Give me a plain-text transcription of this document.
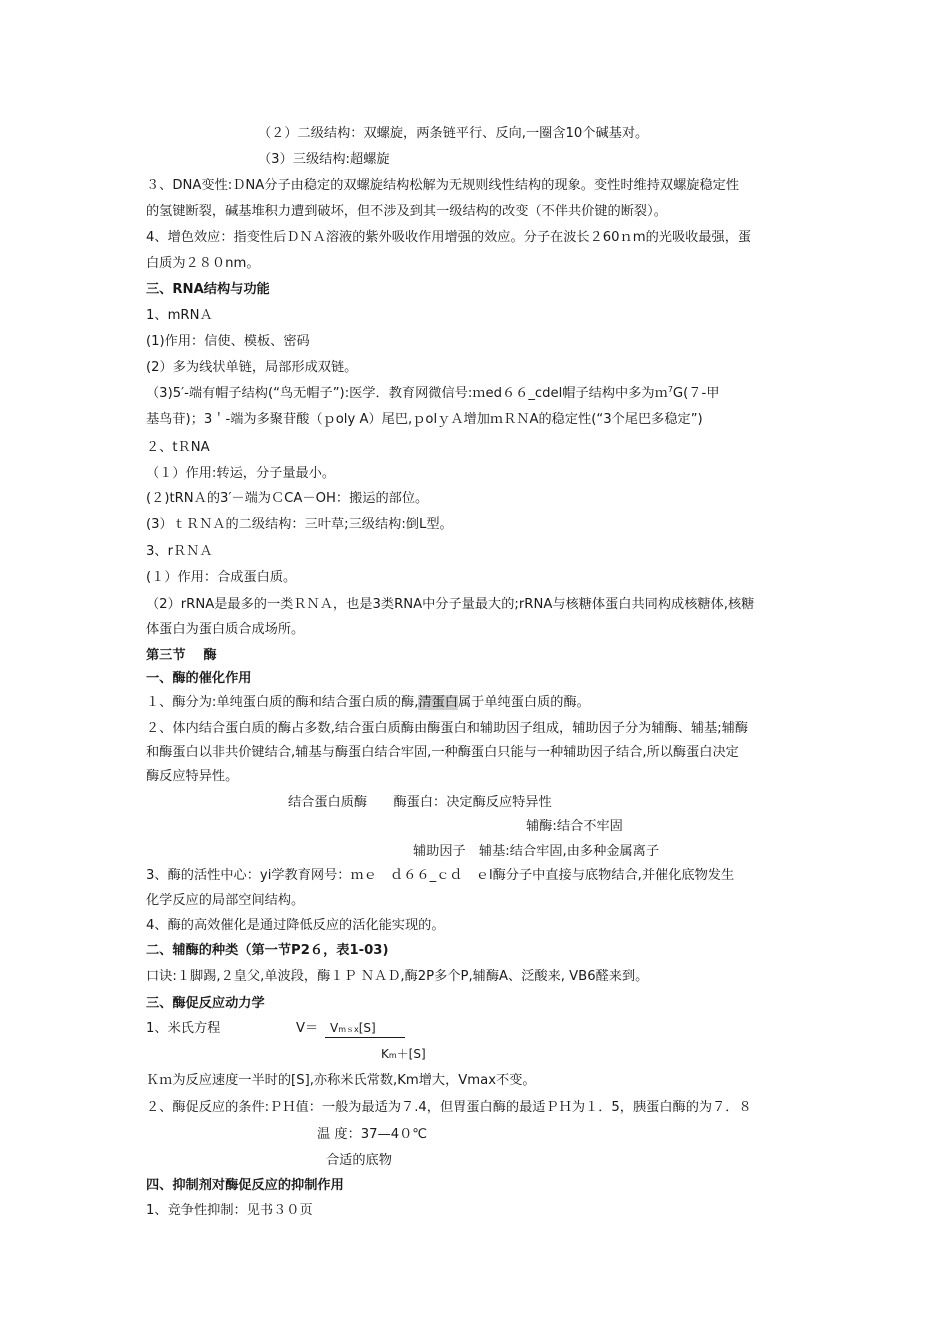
（２）二级结构：双螺旋，两条链平行、反向,一圈含10个碱基对。
（3）三级结构:超螺旋
３、DNA变性:ＤNA分子由稳定的双螺旋结构松解为无规则线性结构的现象。变性时维持双螺旋稳定性
的氢键断裂，碱基堆积力遭到破坏，但不涉及到其一级结构的改变（不伴共价键的断裂）。
4、增色效应：指变性后ＤＮＡ溶液的紫外吸收作用增强的效应。分子在波长２60ｎm的光吸收最强，蛋
白质为２８０nm。
三、RNA结构与功能
1、mRNＡ
(1)作用：信使、模板、密码
(2）多为线状单链，局部形成双链。
（3)5′-端有帽子结构(“鸟无帽子”):医学．教育网微信号:ｍed６６_cdel帽子结构中多为ｍ$^7$G(７-甲
基鸟苷)；3＇-端为多聚苷酸（ｐoly A）尾巴,ｐolｙＡ增加ｍＲＮA的稳定性(“3个尾巴多稳定”)
２、tＲNA
（１）作用:转运，分子量最小。
(２)tRNＡ的3′－端为ＣCA－OH：搬运的部位。
(3）ｔＲＮＡ的二级结构：三叶草;三级结构:倒L型。
3、rＲＮＡ
(１）作用：合成蛋白质。
（2）rRNA是最多的一类ＲＮＡ，也是3类RNA中分子量最大的;rRNA与核糖体蛋白共同构成核糖体,核糖
体蛋白为蛋白质合成场所。
第三节　 酶
一、酶的催化作用
１、酶分为:单纯蛋白质的酶和结合蛋白质的酶,清蛋白属于单纯蛋白质的酶。
２、体内结合蛋白质的酶占多数,结合蛋白质酶由酶蛋白和辅助因子组成，辅助因子分为辅酶、辅基;辅酶
和酶蛋白以非共价键结合,辅基与酶蛋白结合牢固,一种酶蛋白只能与一种辅助因子结合,所以酶蛋白决定
酶反应特异性。
结合蛋白质酶　　酶蛋白：决定酶反应特异性
辅酶:结合不牢固
辅助因子　辅基:结合牢固,由多种金属离子
3、酶的活性中心：yi学教育网号：ｍｅ　ｄ６６_ｃｄ　ｅl酶分子中直接与底物结合,并催化底物发生
化学反应的局部空间结构。
4、酶的高效催化是通过降低反应的活化能实现的。
二、辅酶的种类（第一节P2６，表1-03)
口诀:１脚踢,２皇父,单波段，酶１Ｐ ＮＡＤ,酶2P多个P,辅酶A、泛酸来, VB6醛来到。
三、酶促反应动力学
1、米氏方程	V＝ Vmｓx[S]
Km＋[S]
Ｋｍ为反应速度一半时的[S],亦称米氏常数,Km增大，Vmax不变。
２、酶促反应的条件:ＰＨ值：一般为最适为７.4，但胃蛋白酶的最适ＰＨ为１．5，胰蛋白酶的为７．８
温 度：37—4０℃
合适的底物
四、抑制剂对酶促反应的抑制作用
1、竞争性抑制：见书３０页
